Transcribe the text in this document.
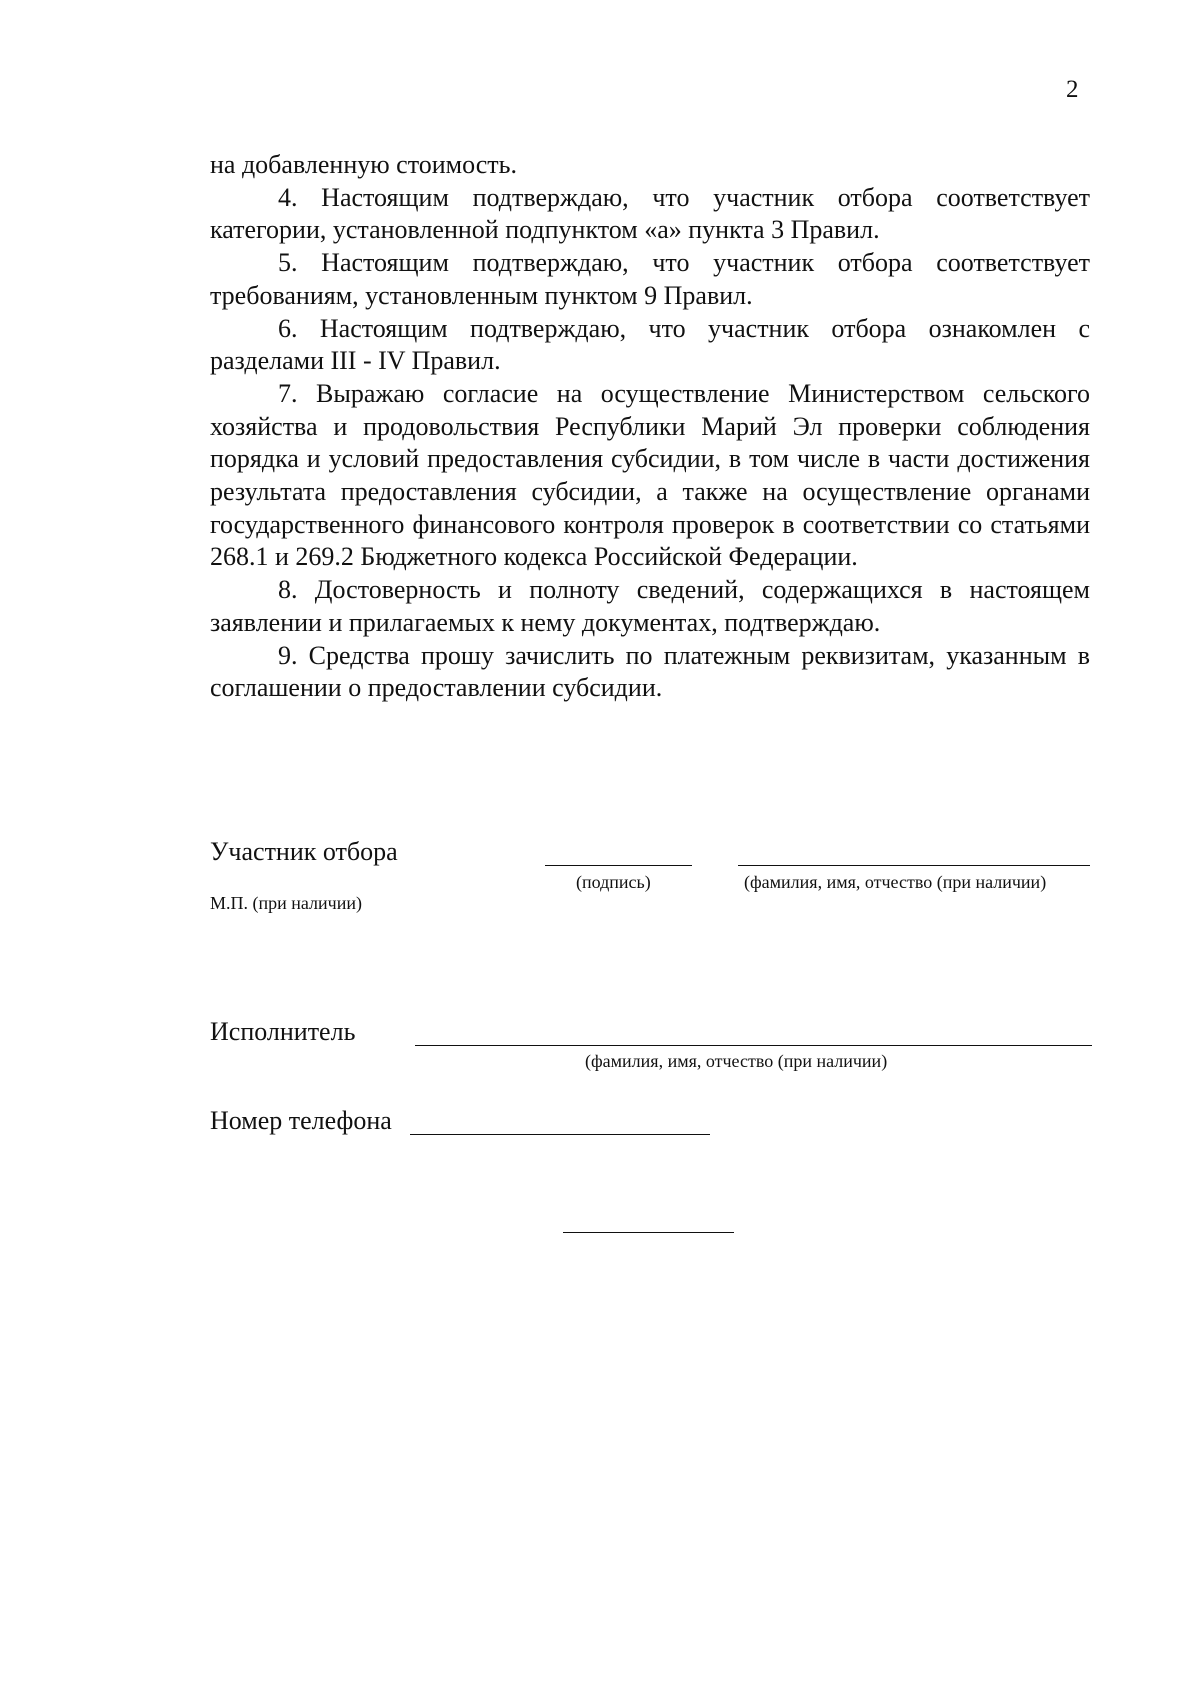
2

на добавленную стоимость.

4. Настоящим подтверждаю, что участник отбора соответствует категории, установленной подпунктом «а» пункта 3 Правил.

5. Настоящим подтверждаю, что участник отбора соответствует требованиям, установленным пунктом 9 Правил.

6. Настоящим подтверждаю, что участник отбора ознакомлен с разделами III - IV Правил.

7. Выражаю согласие на осуществление Министерством сельского хозяйства и продовольствия Республики Марий Эл проверки соблюдения порядка и условий предоставления субсидии, в том числе в части достижения результата предоставления субсидии, а также на осуществление органами государственного финансового контроля проверок в соответствии со статьями 268.1 и 269.2 Бюджетного кодекса Российской Федерации.

8. Достоверность и полноту сведений, содержащихся в настоящем заявлении и прилагаемых к нему документах, подтверждаю.

9. Средства прошу зачислить по платежным реквизитам, указанным в соглашении о предоставлении субсидии.

Участник отбора
(подпись)	(фамилия, имя, отчество (при наличии)
М.П. (при наличии)
Исполнитель
(фамилия, имя, отчество (при наличии)
Номер телефона
